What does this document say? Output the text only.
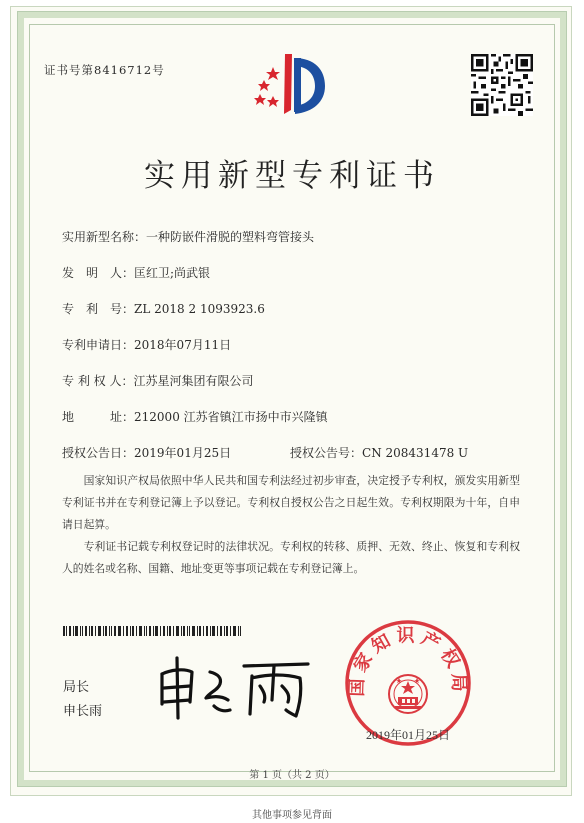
证书号第8416712号
实用新型专利证书
实用新型名称：一种防嵌件滑脱的塑料弯管接头
发　明　人：匡红卫;尚武银
专　利　号：ZL 2018 2 1093923.6
专利申请日：2018年07月11日
专 利 权 人：江苏星河集团有限公司
地　　　址：212000 江苏省镇江市扬中市兴隆镇
授权公告日：2019年01月25日	授权公告号：CN 208431478 U
国家知识产权局依照中华人民共和国专利法经过初步审查，决定授予专利权，颁发实用新型专利证书并在专利登记簿上予以登记。专利权自授权公告之日起生效。专利权期限为十年，自申请日起算。
专利证书记载专利权登记时的法律状况。专利权的转移、质押、无效、终止、恢复和专利权人的姓名或名称、国籍、地址变更等事项记载在专利登记簿上。
局长
申长雨
国家知识产权局
2019年01月25日
第 1 页（共 2 页）
其他事项参见背面
